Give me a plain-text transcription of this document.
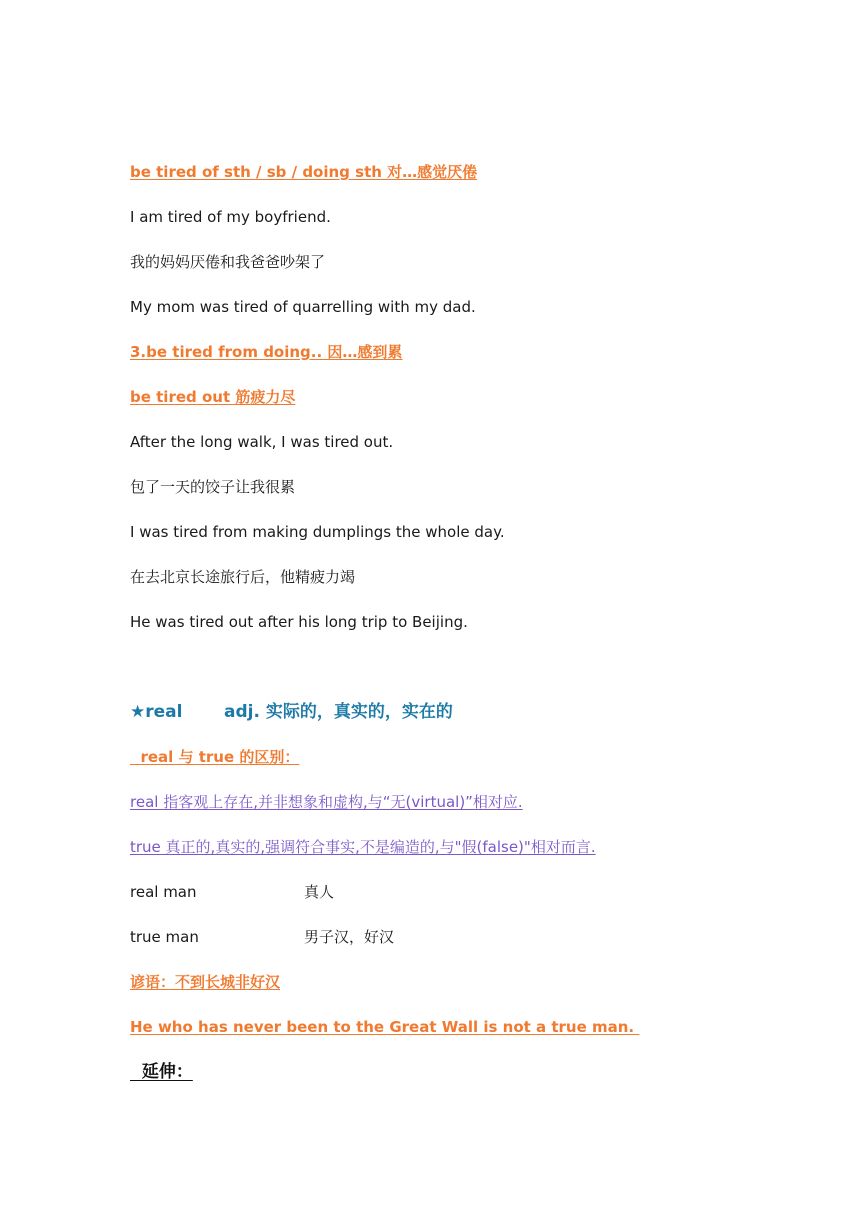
be tired of sth / sb / doing sth 对…感觉厌倦
I am tired of my boyfriend.
我的妈妈厌倦和我爸爸吵架了
My mom was tired of quarrelling with my dad.
3.be tired from doing.. 因…感到累
be tired out 筋疲力尽
After the long walk, I was tired out.
包了一天的饺子让我很累
I was tired from making dumplings the whole day.
在去北京长途旅行后，他精疲力竭
He was tired out after his long trip to Beijing.
★real adj. 实际的，真实的，实在的
real 与 true 的区别：
real 指客观上存在,并非想象和虚构,与“无(virtual)”相对应.
true 真正的,真实的,强调符合事实,不是编造的,与"假(false)"相对而言.
real man	真人
true man	男子汉，好汉
谚语：不到长城非好汉
He who has never been to the Great Wall is not a true man.
延伸：
